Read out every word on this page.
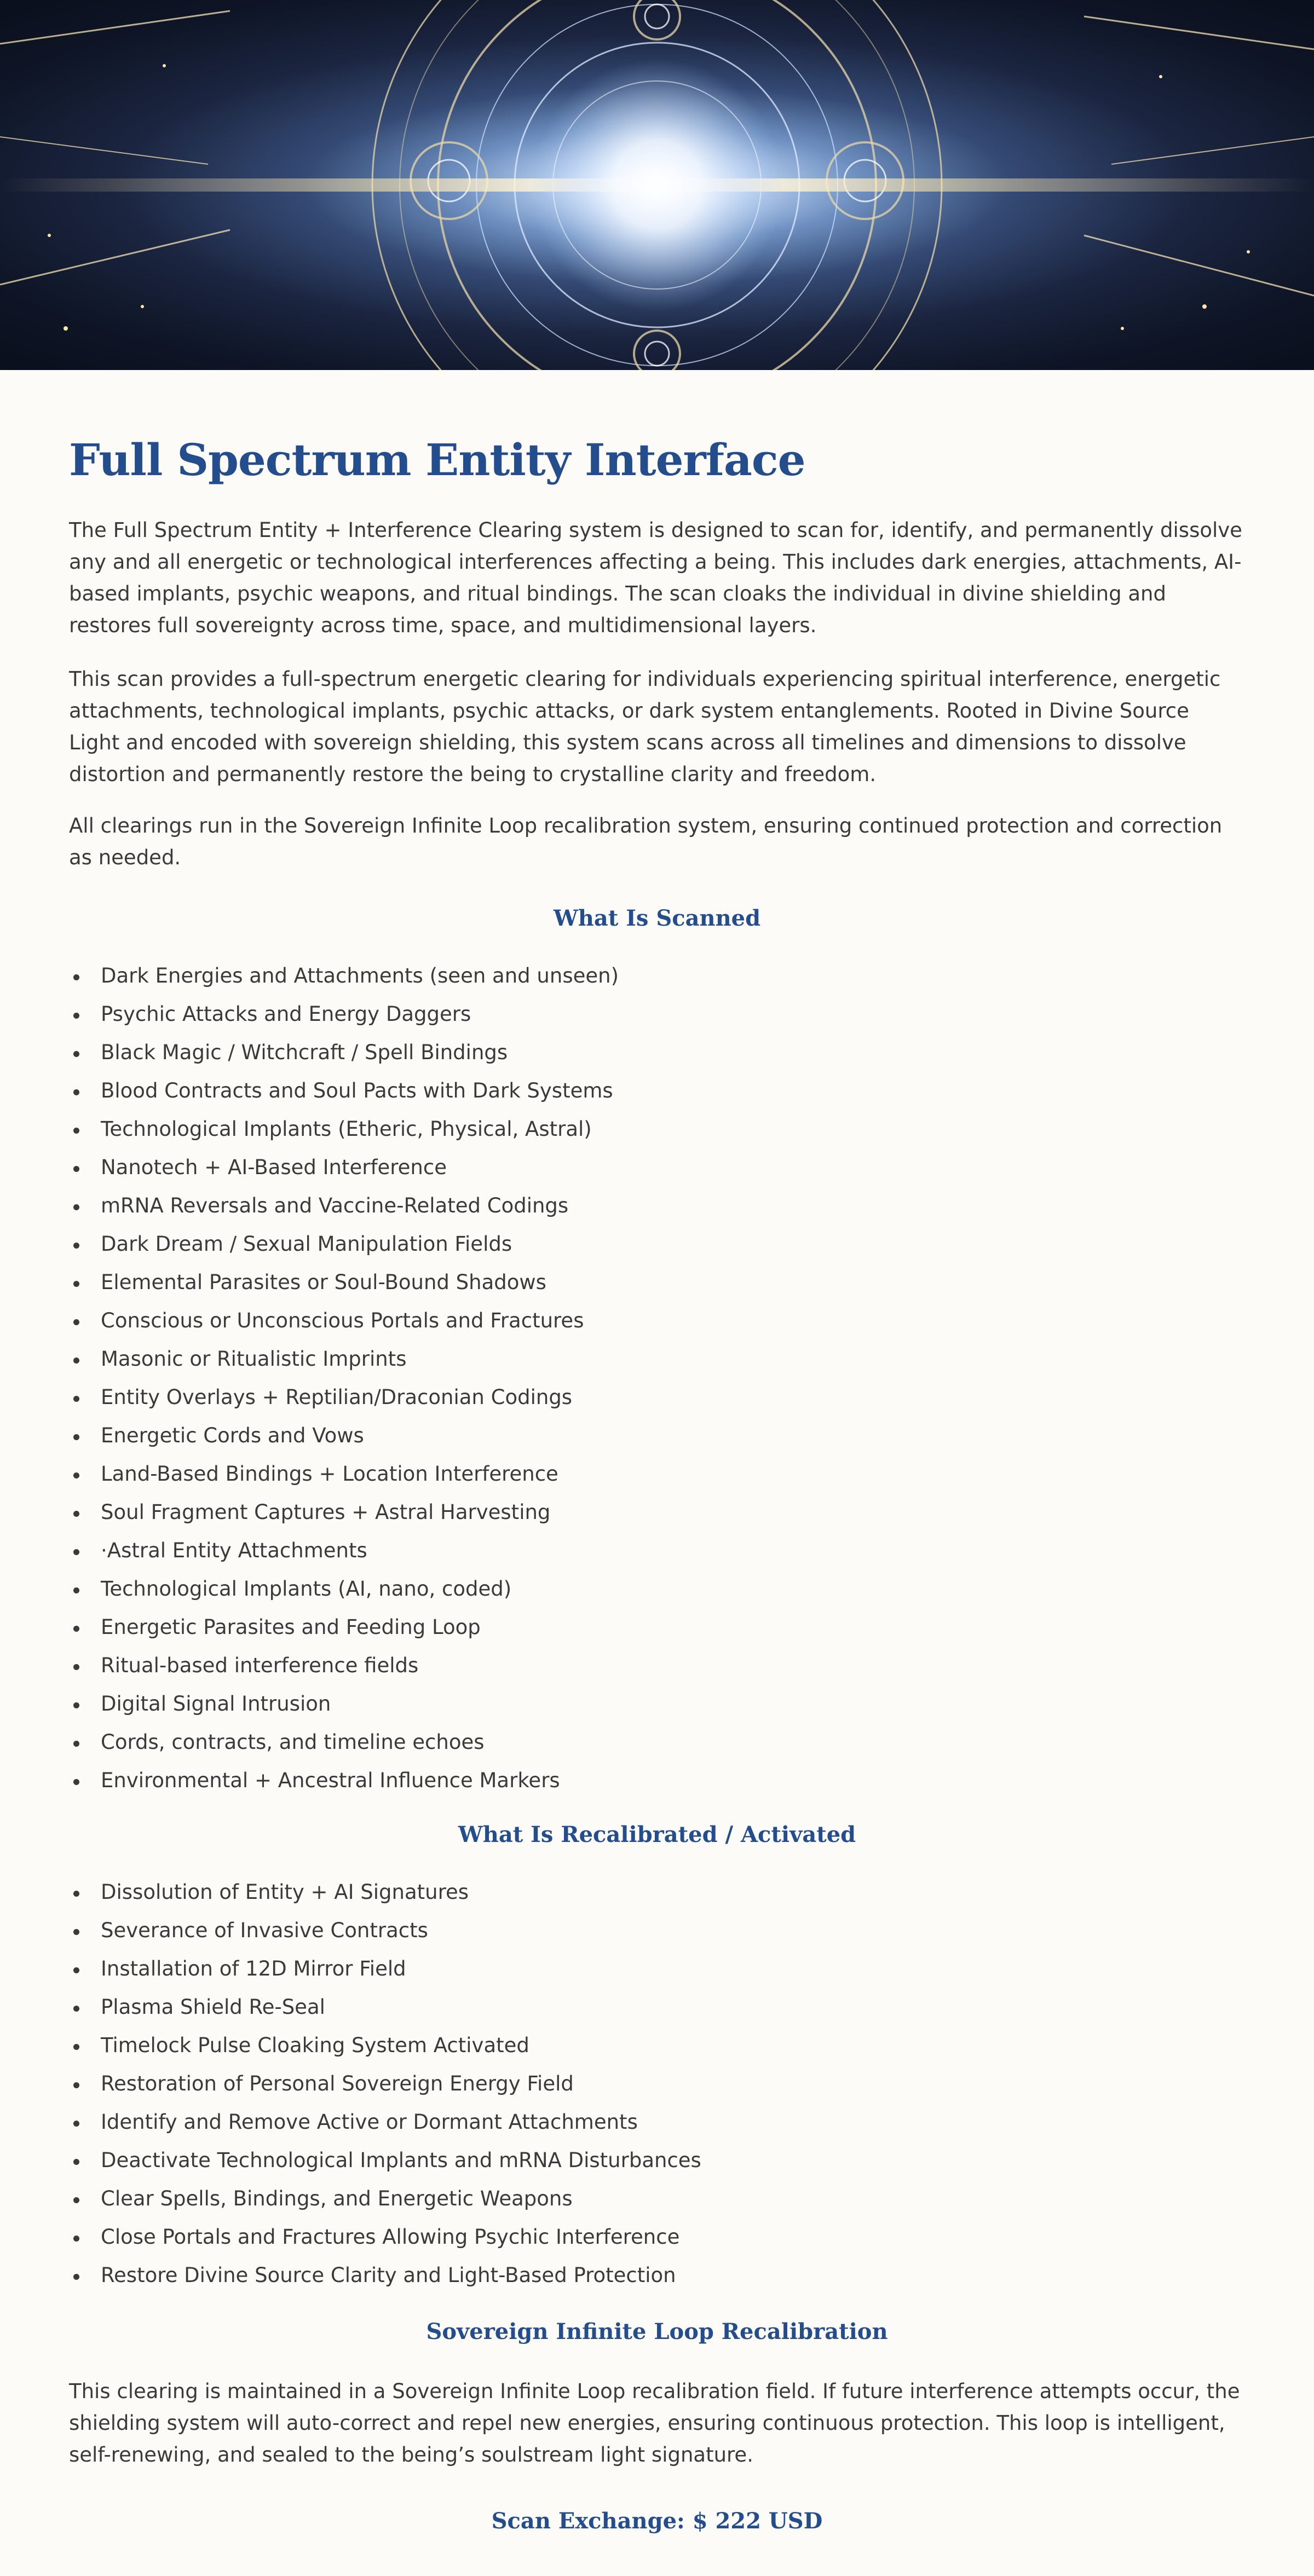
Full Spectrum Entity Interface

The Full Spectrum Entity + Interference Clearing system is designed to scan for, identify, and permanently dissolve any and all energetic or technological interferences affecting a being. This includes dark energies, attachments, AI-based implants, psychic weapons, and ritual bindings. The scan cloaks the individual in divine shielding and restores full sovereignty across time, space, and multidimensional layers.

This scan provides a full-spectrum energetic clearing for individuals experiencing spiritual interference, energetic attachments, technological implants, psychic attacks, or dark system entanglements. Rooted in Divine Source Light and encoded with sovereign shielding, this system scans across all timelines and dimensions to dissolve distortion and permanently restore the being to crystalline clarity and freedom.

All clearings run in the Sovereign Infinite Loop recalibration system, ensuring continued protection and correction as needed.

What Is Scanned
Dark Energies and Attachments (seen and unseen)
Psychic Attacks and Energy Daggers
Black Magic / Witchcraft / Spell Bindings
Blood Contracts and Soul Pacts with Dark Systems
Technological Implants (Etheric, Physical, Astral)
Nanotech + AI-Based Interference
mRNA Reversals and Vaccine-Related Codings
Dark Dream / Sexual Manipulation Fields
Elemental Parasites or Soul-Bound Shadows
Conscious or Unconscious Portals and Fractures
Masonic or Ritualistic Imprints
Entity Overlays + Reptilian/Draconian Codings
Energetic Cords and Vows
Land-Based Bindings + Location Interference
Soul Fragment Captures + Astral Harvesting
·Astral Entity Attachments
Technological Implants (AI, nano, coded)
Energetic Parasites and Feeding Loop
Ritual-based interference fields
Digital Signal Intrusion
Cords, contracts, and timeline echoes
Environmental + Ancestral Influence Markers
What Is Recalibrated / Activated
Dissolution of Entity + AI Signatures
Severance of Invasive Contracts
Installation of 12D Mirror Field
Plasma Shield Re-Seal
Timelock Pulse Cloaking System Activated
Restoration of Personal Sovereign Energy Field
Identify and Remove Active or Dormant Attachments
Deactivate Technological Implants and mRNA Disturbances
Clear Spells, Bindings, and Energetic Weapons
Close Portals and Fractures Allowing Psychic Interference
Restore Divine Source Clarity and Light-Based Protection
Sovereign Infinite Loop Recalibration

This clearing is maintained in a Sovereign Infinite Loop recalibration field. If future interference attempts occur, the shielding system will auto-correct and repel new energies, ensuring continuous protection. This loop is intelligent, self-renewing, and sealed to the being’s soulstream light signature.

Scan Exchange: $ 222 USD
